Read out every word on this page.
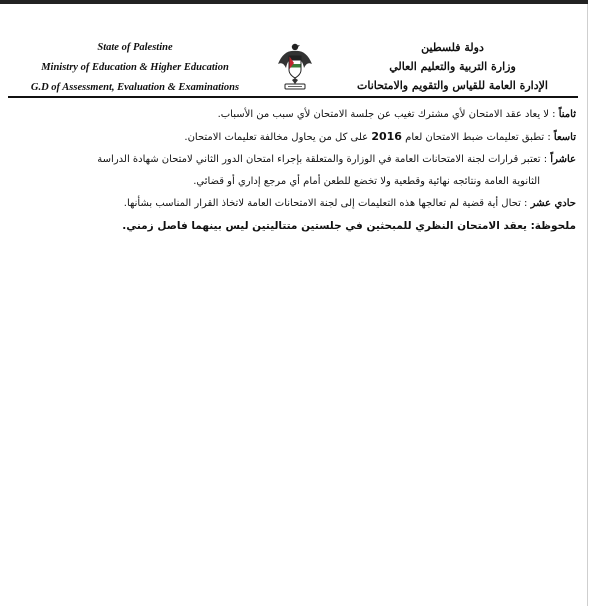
State of Palestine
Ministry of Education & Higher Education
G.D of Assessment, Evaluation & Examinations
دولة فلسطين
وزارة التربية والتعليم العالي
الإدارة العامة للقياس والتقويم والامتحانات
ثامناً : لا يعاد عقد الامتحان لأي مشترك تغيب عن جلسة الامتحان لأي سبب من الأسباب.
تاسعاً : تطبق تعليمات ضبط الامتحان لعام 2016 على كل من يحاول مخالفة تعليمات الامتحان.
عاشراً : تعتبر قرارات لجنة الامتحانات العامة في الوزارة والمتعلقة بإجراء امتحان الدور الثاني لامتحان شهادة الدراسة
الثانوية العامة ونتائجه نهائية وقطعية ولا تخضع للطعن أمام أي مرجع إداري أو قضائي.
حادي عشر : تحال أية قضية لم تعالجها هذه التعليمات إلى لجنة الامتحانات العامة لاتخاذ القرار المناسب بشأنها.
ملحوظة: يعقد الامتحان النظري للمبحثين في جلستين متتاليتين ليس بينهما فاصل زمني.
